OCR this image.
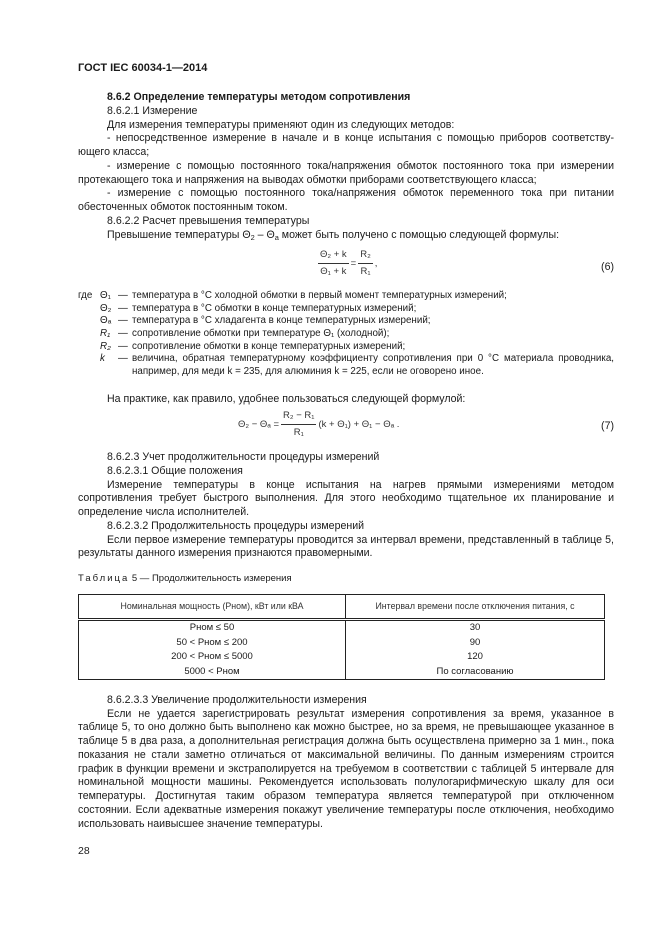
ГОСТ IEC 60034-1—2014

8.6.2 Определение температуры методом сопротивления

8.6.2.1 Измерение

Для измерения температуры применяют один из следующих методов:

- непосредственное измерение в начале и в конце испытания с помощью приборов соответству-ющего класса;

- измерение с помощью постоянного тока/напряжения обмоток постоянного тока при измерении протекающего тока и напряжения на выводах обмотки приборами соответствующего класса;

- измерение с помощью постоянного тока/напряжения обмоток переменного тока при питании обесточенных обмоток постоянным током.

8.6.2.2 Расчет превышения температуры

Превышение температуры $\Theta_2 - \Theta_a$ может быть получено с помощью следующей формулы:

$\frac{\text{Θ₂ + k}}{\text{Θ₁ + k}} = \frac{\text{R₂}}{\text{R₁}}$ ,	(6)
где Θ₁ — температура в °С холодной обмотки в первый момент температурных измерений;
Θ₂ — температура в °С обмотки в конце температурных измерений;
Θₐ — температура в °С хладагента в конце температурных измерений;
R₁ — сопротивление обмотки при температуре Θ₁ (холодной);
R₂ — сопротивление обмотки в конце температурных измерений;
k	— величина, обратная температурному коэффициенту сопротивления при 0 °С материала проводника, например, для меди k = 235, для алюминия k = 225, если не оговорено иное.

На практике, как правило, удобнее пользоваться следующей формулой:

$\Theta_2 - \Theta_a = \frac{\text{R₂ − R₁}}{\text{R₁}} (k + \Theta_1) + \Theta_1 - \Theta_a$ .	(7)

8.6.2.3 Учет продолжительности процедуры измерений

8.6.2.3.1 Общие положения

Измерение температуры в конце испытания на нагрев прямыми измерениями методом сопротивления требует быстрого выполнения. Для этого необходимо тщательное их планирование и определение числа исполнителей.

8.6.2.3.2 Продолжительность процедуры измерений

Если первое измерение температуры проводится за интервал времени, представленный в таблице 5, результаты данного измерения признаются правомерными.

Таблица 5 — Продолжительность измерения
Номинальная мощность (Pном), кВт или кВА	Интервал времени после отключения питания, с
Pном ≤ 50	30
50 < Pном ≤ 200	90
200 < Pном ≤ 5000	120
5000 < Pном	По согласованию

8.6.2.3.3 Увеличение продолжительности измерения

Если не удается зарегистрировать результат измерения сопротивления за время, указанное в таблице 5, то оно должно быть выполнено как можно быстрее, но за время, не превышающее указанное в таблице 5 в два раза, а дополнительная регистрация должна быть осуществлена примерно за 1 мин., пока показания не стали заметно отличаться от максимальной величины. По данным измерениям строится график в функции времени и экстраполируется на требуемом в соответствии с таблицей 5 интервале для номинальной мощности машины. Рекомендуется использовать полулогарифмическую шкалу для оси температуры. Достигнутая таким образом температура является температурой при отключенном состоянии. Если адекватные измерения покажут увеличение температуры после отключения, необходимо использовать наивысшее значение температуры.

28
